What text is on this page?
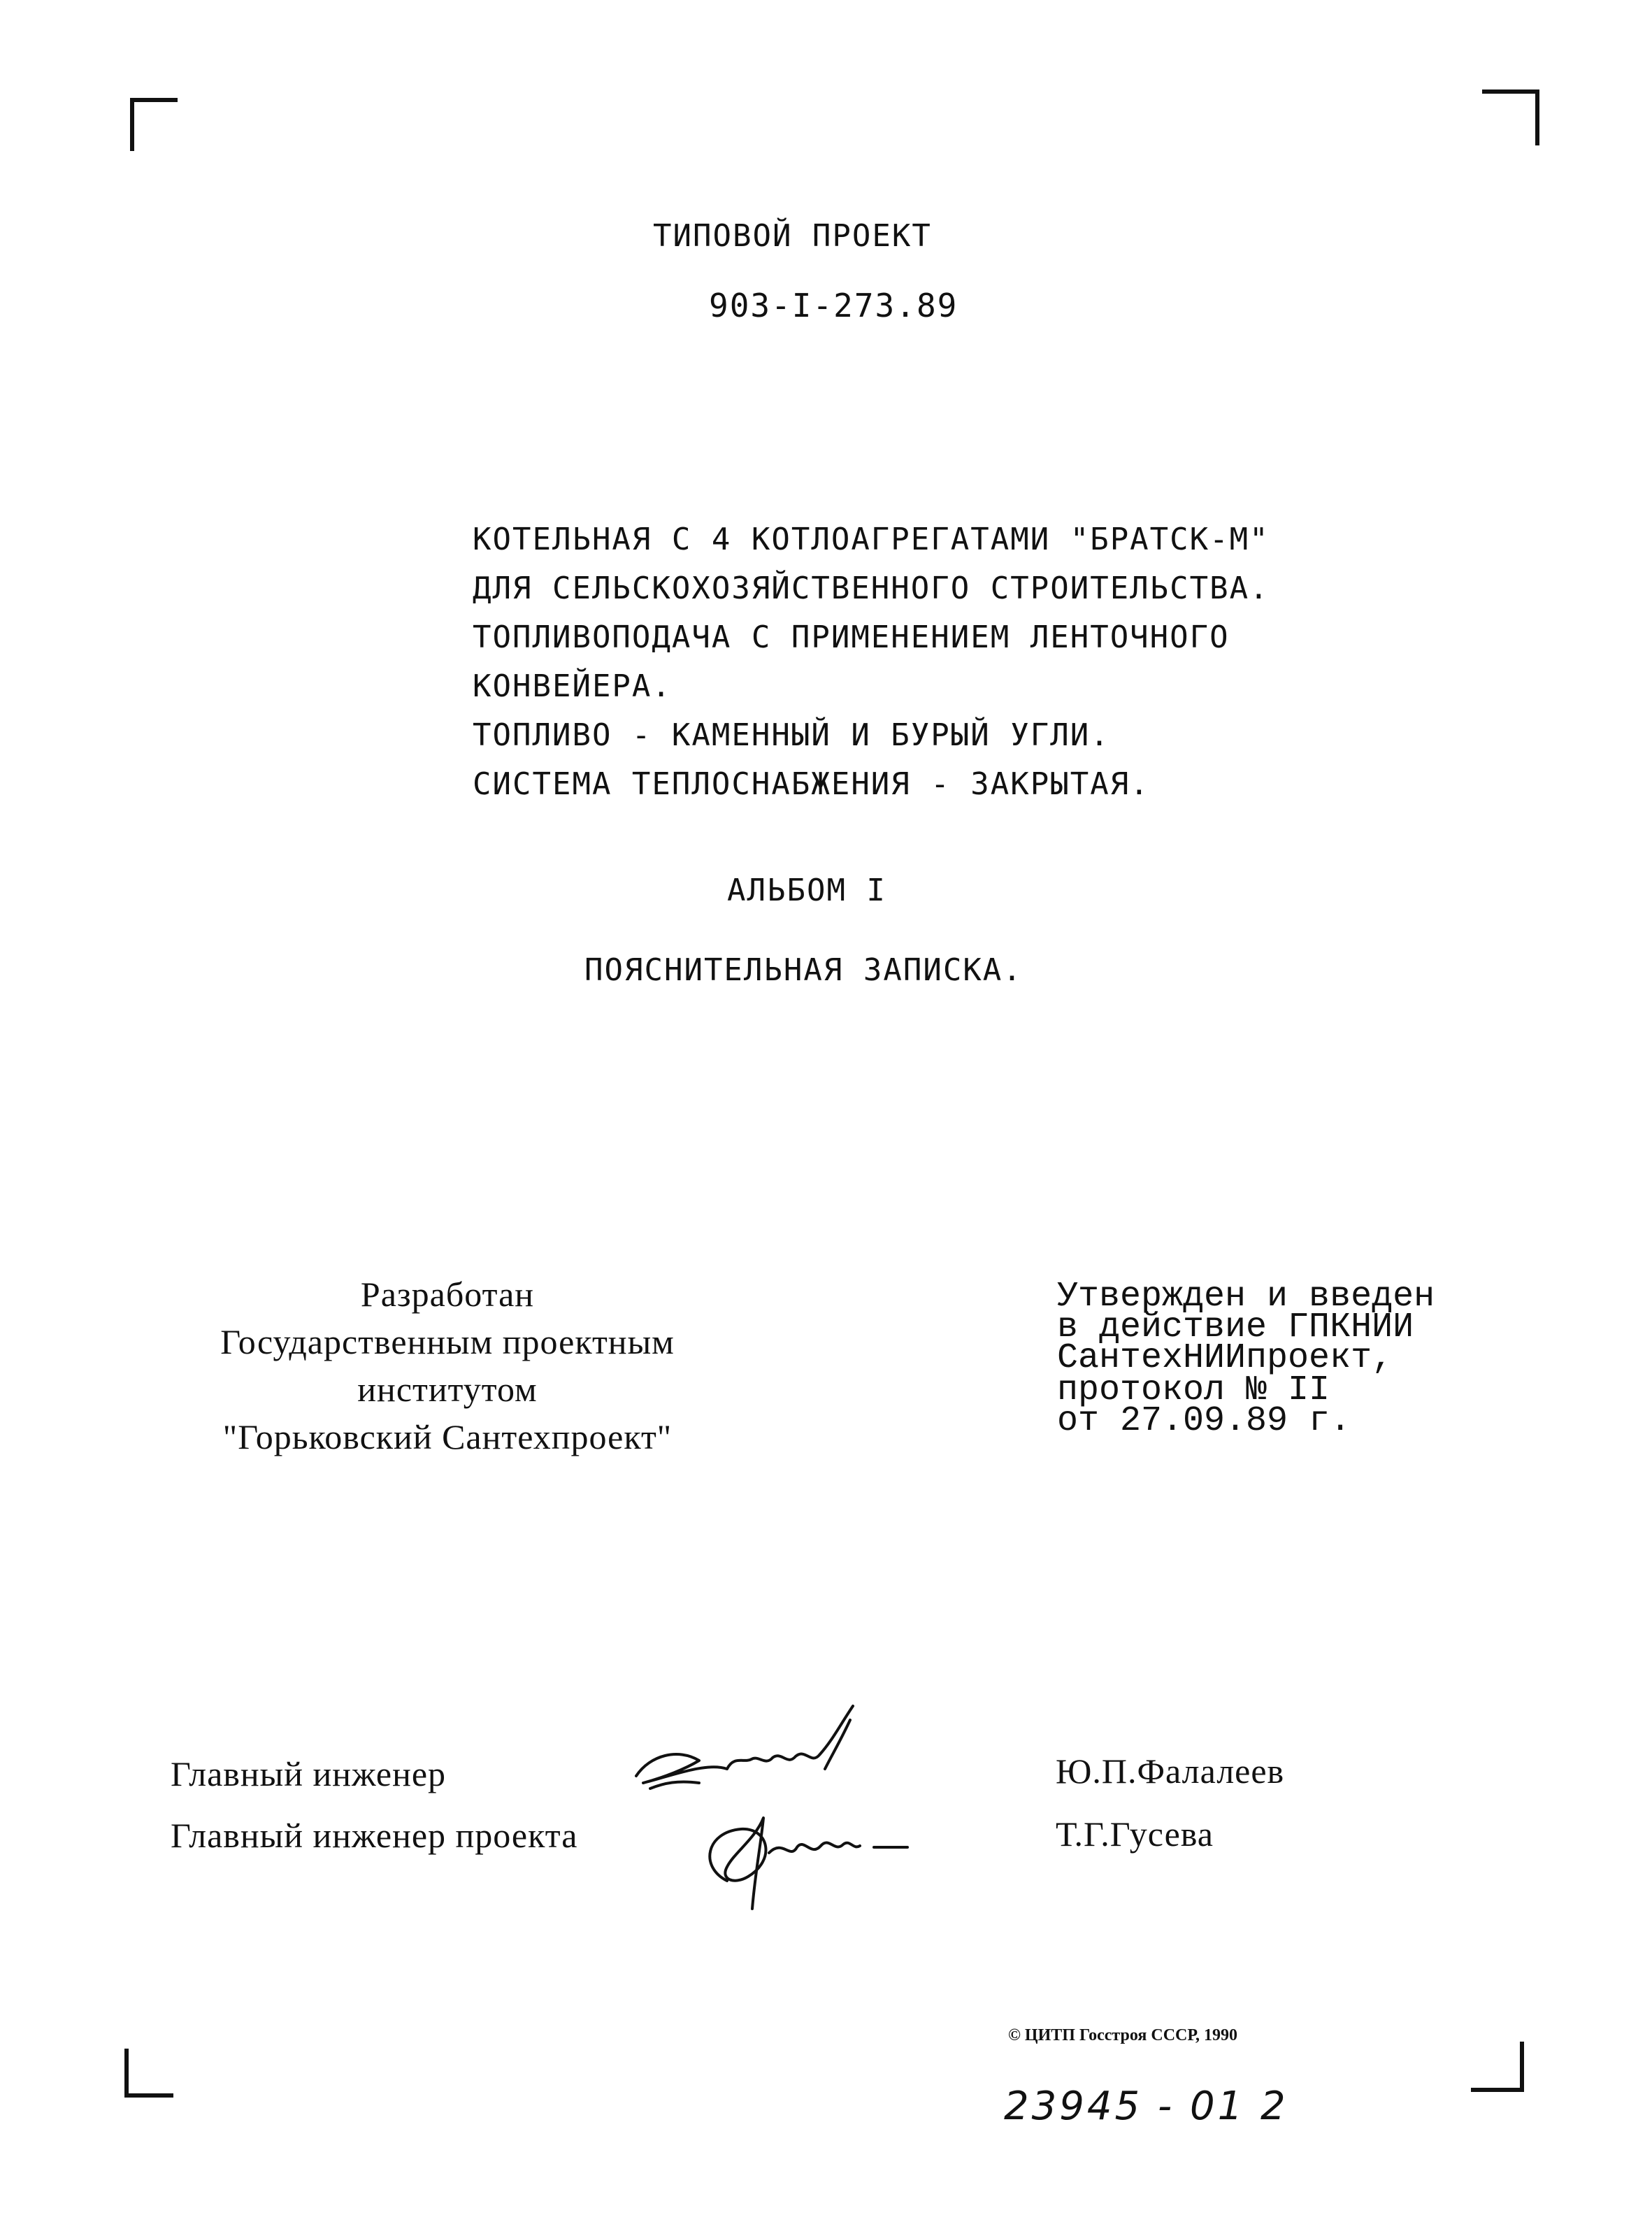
ТИПОВОЙ ПРОЕКТ
903-I-273.89
КОТЕЛЬНАЯ С 4 КОТЛОАГРЕГАТАМИ "БРАТСК-М"
ДЛЯ СЕЛЬСКОХОЗЯЙСТВЕННОГО СТРОИТЕЛЬСТВА.
ТОПЛИВОПОДАЧА С ПРИМЕНЕНИЕМ ЛЕНТОЧНОГО
КОНВЕЙЕРА.
ТОПЛИВО - КАМЕННЫЙ И БУРЫЙ УГЛИ.
СИСТЕМА ТЕПЛОСНАБЖЕНИЯ - ЗАКРЫТАЯ.
АЛЬБОМ I
ПОЯСНИТЕЛЬНАЯ ЗАПИСКА.
Разработан
Государственным проектным
институтом
"Горьковский Сантехпроект"
Утвержден и введен
в действие ГПКНИИ
СантехНИИпроект,
протокол № II
от 27.09.89 г.
Главный инженер
Главный инженер проекта
Ю.П.Фалалеев
Т.Г.Гусева
© ЦИТП Госстроя СССР, 1990
23945 - 01 2
